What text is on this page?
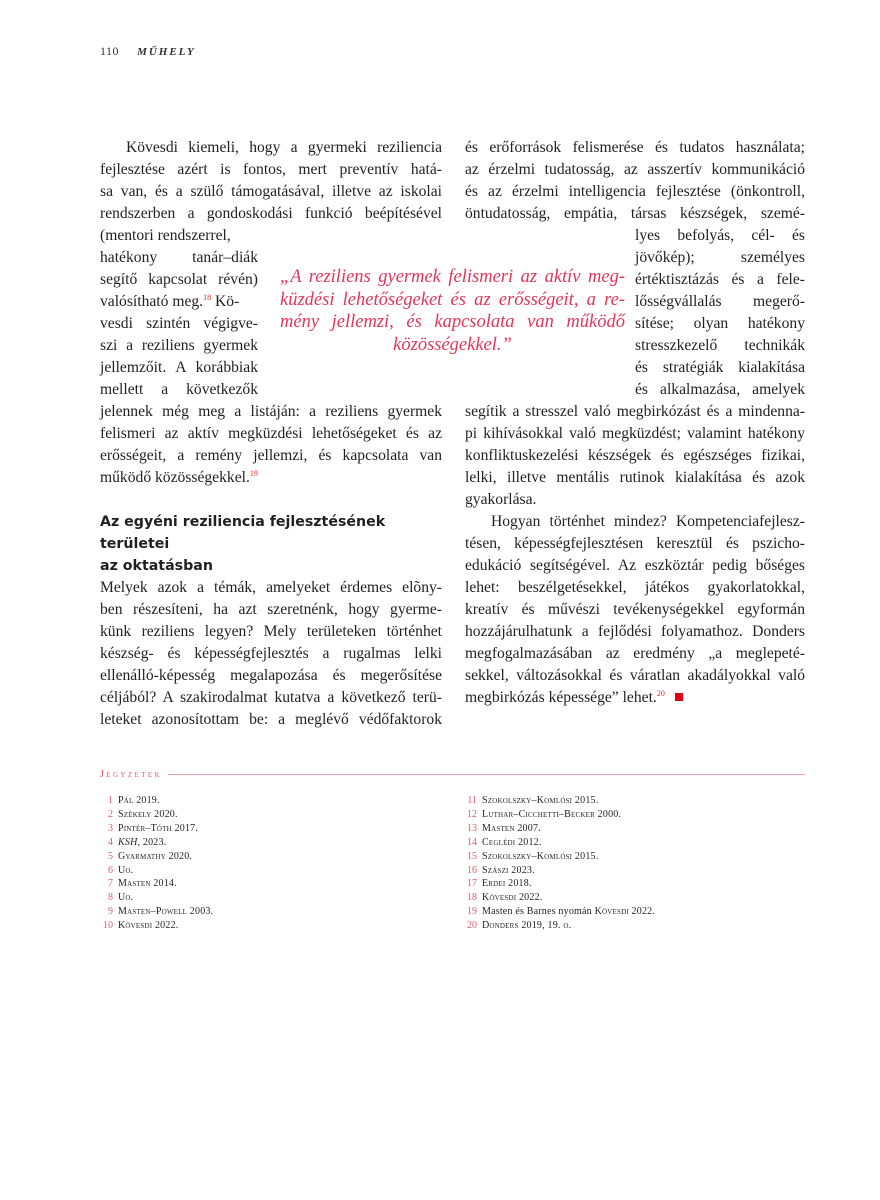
110 MŰHELY
Kövesdi kiemeli, hogy a gyermeki reziliencia
fejlesztése azért is fontos, mert preventív hatá-
sa van, és a szülő támogatásával, illetve az iskolai
rendszerben a gondoskodási funkció beépítésével
(mentori rendszerrel,
hatékony tanár–diák
segítő kapcsolat révén)
valósítható meg.$^{18}$ Kö-
vesdi szintén végigve-
szi a reziliens gyermek
jellemzőit. A korábbiak
mellett a következők
jelennek még meg a listáján: a reziliens gyermek
felismeri az aktív megküzdési lehetőségeket és az
erősségeit, a remény jellemzi, és kapcsolata van
működő közösségekkel.$^{19}$
Az egyéni reziliencia fejlesztésének területei
az oktatásban
Melyek azok a témák, amelyeket érdemes elõny-
ben részesíteni, ha azt szeretnénk, hogy gyerme-
künk reziliens legyen? Mely területeken történhet
készség- és képességfejlesztés a rugalmas lelki
ellenálló-képesség megalapozása és megerősítése
céljából? A szakirodalmat kutatva a következő terü-
leteket azonosítottam be: a meglévő védőfaktorok
„A reziliens gyermek felismeri az aktív meg-
küzdési lehetőségeket és az erősségeit, a re-
mény jellemzi, és kapcsolata van működő
közösségekkel.”
és erőforrások felismerése és tudatos használata;
az érzelmi tudatosság, az asszertív kommunikáció
és az érzelmi intelligencia fejlesztése (önkontroll,
öntudatosság, empátia, társas készségek, szemé-
lyes befolyás, cél- és
jövőkép); személyes
értéktisztázás és a fele-
lősségvállalás megerő-
sítése; olyan hatékony
stresszkezelő technikák
és stratégiák kialakítása
és alkalmazása, amelyek
segítik a stresszel való megbirkózást és a mindenna-
pi kihívásokkal való megküzdést; valamint hatékony
konfliktuskezelési készségek és egészséges fizikai,
lelki, illetve mentális rutinok kialakítása és azok
gyakorlása.
Hogyan történhet mindez? Kompetenciafejlesz-
tésen, képességfejlesztésen keresztül és pszicho-
edukáció segítségével. Az eszköztár pedig bőséges
lehet: beszélgetésekkel, játékos gyakorlatokkal,
kreatív és művészi tevékenységekkel egyformán
hozzájárulhatunk a fejlődési folyamathoz. Donders
megfogalmazásában az eredmény „a meglepeté-
sekkel, változásokkal és váratlan akadályokkal való
megbirkózás képessége” lehet.$^{20}$
Jegyzetek
1 Pál 2019.
2 Székely 2020.
3 Pintér–Tóth 2017.
4 KSH, 2023.
5 Gyarmathy 2020.
6 Uo.
7 Masten 2014.
8 Uo.
9 Masten–Powell 2003.
10 Kövesdi 2022.
11 Szokolszky–Komlósi 2015.
12 Luthar–Cicchetti–Becker 2000.
13 Masten 2007.
14 Ceglédi 2012.
15 Szokolszky–Komlósi 2015.
16 Szászi 2023.
17 Erdei 2018.
18 Kövesdi 2022.
19 Masten és Barnes nyomán Kövesdi 2022.
20 Donders 2019, 19. o.
